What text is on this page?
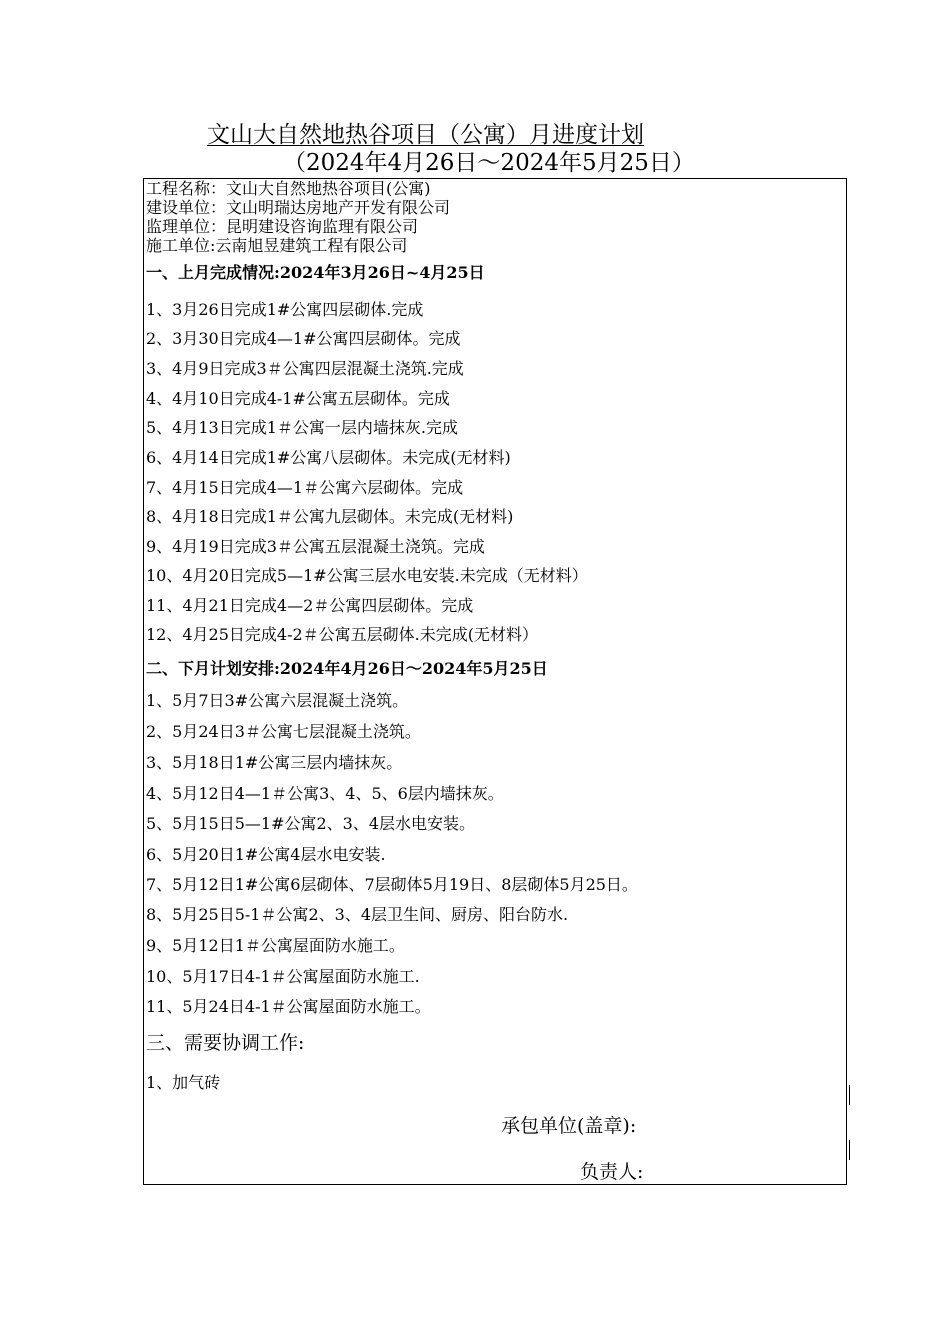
文山大自然地热谷项目（公寓）月进度计划
（2024年4月26日～2024年5月25日）
工程名称：文山大自然地热谷项目(公寓)
建设单位：文山明瑞达房地产开发有限公司
监理单位：昆明建设咨询监理有限公司
施工单位:云南旭昱建筑工程有限公司
一、上月完成情况:2024年3月26日~4月25日
1、3月26日完成1#公寓四层砌体.完成
2、3月30日完成4—1#公寓四层砌体。完成
3、4月9日完成3＃公寓四层混凝土浇筑.完成
4、4月10日完成4-1#公寓五层砌体。完成
5、4月13日完成1＃公寓一层内墙抹灰.完成
6、4月14日完成1#公寓八层砌体。未完成(无材料)
7、4月15日完成4—1＃公寓六层砌体。完成
8、4月18日完成1＃公寓九层砌体。未完成(无材料)
9、4月19日完成3＃公寓五层混凝土浇筑。完成
10、4月20日完成5—1#公寓三层水电安装.未完成（无材料）
11、4月21日完成4—2＃公寓四层砌体。完成
12、4月25日完成4-2＃公寓五层砌体.未完成(无材料）
二、下月计划安排:2024年4月26日～2024年5月25日
1、5月7日3#公寓六层混凝土浇筑。
2、5月24日3＃公寓七层混凝土浇筑。
3、5月18日1#公寓三层内墙抹灰。
4、5月12日4—1＃公寓3、4、5、6层内墙抹灰。
5、5月15日5—1#公寓2、3、4层水电安装。
6、5月20日1#公寓4层水电安装.
7、5月12日1#公寓6层砌体、7层砌体5月19日、8层砌体5月25日。
8、5月25日5-1＃公寓2、3、4层卫生间、厨房、阳台防水.
9、5月12日1＃公寓屋面防水施工。
10、5月17日4-1＃公寓屋面防水施工.
11、5月24日4-1＃公寓屋面防水施工。
三、需要协调工作:
1、加气砖
承包单位(盖章):
负责人:
